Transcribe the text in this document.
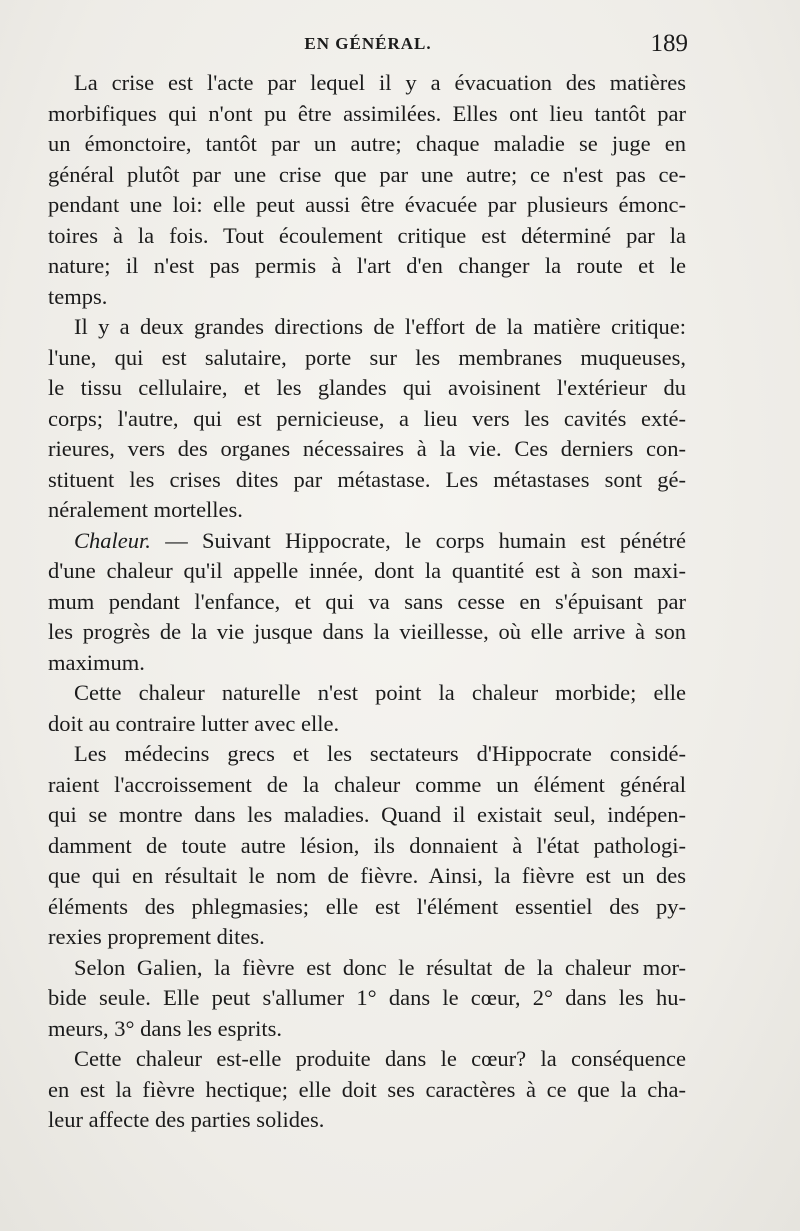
EN GÉNÉRAL.	189
La crise est l'acte par lequel il y a évacuation des matières
morbifiques qui n'ont pu être assimilées. Elles ont lieu tantôt par
un émonctoire, tantôt par un autre; chaque maladie se juge en
général plutôt par une crise que par une autre; ce n'est pas ce-
pendant une loi: elle peut aussi être évacuée par plusieurs émonc-
toires à la fois. Tout écoulement critique est déterminé par la
nature; il n'est pas permis à l'art d'en changer la route et le
temps.
Il y a deux grandes directions de l'effort de la matière critique:
l'une, qui est salutaire, porte sur les membranes muqueuses,
le tissu cellulaire, et les glandes qui avoisinent l'extérieur du
corps; l'autre, qui est pernicieuse, a lieu vers les cavités exté-
rieures, vers des organes nécessaires à la vie. Ces derniers con-
stituent les crises dites par métastase. Les métastases sont gé-
néralement mortelles.
Chaleur. — Suivant Hippocrate, le corps humain est pénétré
d'une chaleur qu'il appelle innée, dont la quantité est à son maxi-
mum pendant l'enfance, et qui va sans cesse en s'épuisant par
les progrès de la vie jusque dans la vieillesse, où elle arrive à son
maximum.
Cette chaleur naturelle n'est point la chaleur morbide; elle
doit au contraire lutter avec elle.
Les médecins grecs et les sectateurs d'Hippocrate considé-
raient l'accroissement de la chaleur comme un élément général
qui se montre dans les maladies. Quand il existait seul, indépen-
damment de toute autre lésion, ils donnaient à l'état pathologi-
que qui en résultait le nom de fièvre. Ainsi, la fièvre est un des
éléments des phlegmasies; elle est l'élément essentiel des py-
rexies proprement dites.
Selon Galien, la fièvre est donc le résultat de la chaleur mor-
bide seule. Elle peut s'allumer 1° dans le cœur, 2° dans les hu-
meurs, 3° dans les esprits.
Cette chaleur est-elle produite dans le cœur? la conséquence
en est la fièvre hectique; elle doit ses caractères à ce que la cha-
leur affecte des parties solides.
